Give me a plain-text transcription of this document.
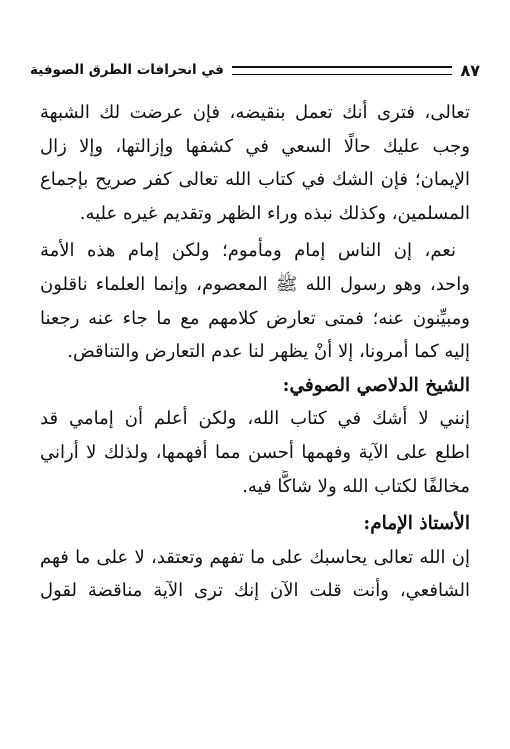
في انحرافات الطرق الصوفية	٨٧
تعالى، فترى أنك تعمل بنقيضه، فإن عرضت لك الشبهة
وجب عليك حالًا السعي في كشفها وإزالتها، وإلا زال
الإيمان؛ فإن الشك في كتاب الله تعالى كفر صريح بإجماع
المسلمين، وكذلك نبذه وراء الظهر وتقديم غيره عليه.
نعم، إن الناس إمام ومأموم؛ ولكن إمام هذه الأمة
واحد، وهو رسول الله ﷺ المعصوم، وإنما العلماء ناقلون
ومبيِّنون عنه؛ فمتى تعارض كلامهم مع ما جاء عنه رجعنا
إليه كما أمرونا، إلا أنْ يظهر لنا عدم التعارض والتناقض.
الشيخ الدلاصي الصوفي:
إنني لا أشك في كتاب الله، ولكن أعلم أن إمامي قد
اطلع على الآية وفهمها أحسن مما أفهمها، ولذلك لا أراني
مخالفًا لكتاب الله ولا شاكًّا فيه.
الأستاذ الإمام:
إن الله تعالى يحاسبك على ما تفهم وتعتقد، لا على ما فهم
الشافعي، وأنت قلت الآن إنك ترى الآية مناقضة لقول
